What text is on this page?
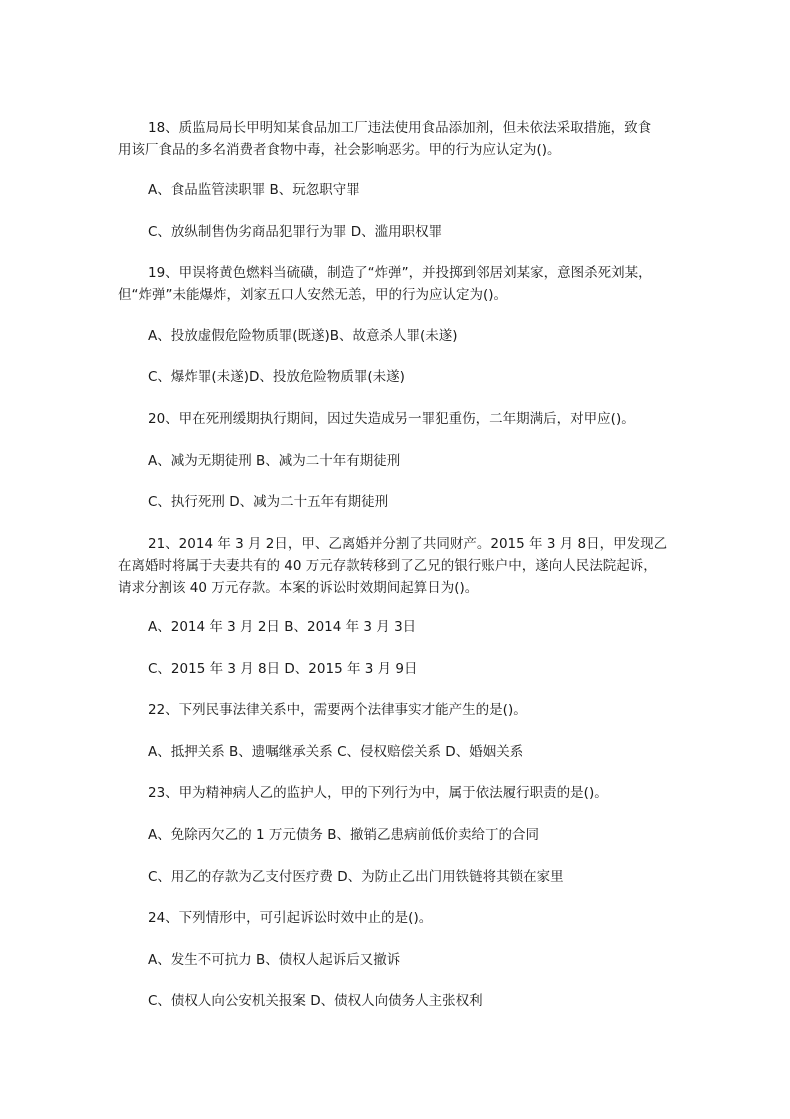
18、质监局局长甲明知某食品加工厂违法使用食品添加剂，但未依法采取措施，致食
用该厂食品的多名消费者食物中毒，社会影响恶劣。甲的行为应认定为()。
A、食品监管渎职罪 B、玩忽职守罪
C、放纵制售伪劣商品犯罪行为罪 D、滥用职权罪
19、甲误将黄色燃料当硫磺，制造了“炸弹”，并投掷到邻居刘某家，意图杀死刘某，
但“炸弹”未能爆炸，刘家五口人安然无恙，甲的行为应认定为()。
A、投放虚假危险物质罪(既遂)B、故意杀人罪(未遂)
C、爆炸罪(未遂)D、投放危险物质罪(未遂)
20、甲在死刑缓期执行期间，因过失造成另一罪犯重伤，二年期满后，对甲应()。
A、减为无期徒刑 B、减为二十年有期徒刑
C、执行死刑 D、减为二十五年有期徒刑
21、2014 年 3 月 2日，甲、乙离婚并分割了共同财产。2015 年 3 月 8日，甲发现乙
在离婚时将属于夫妻共有的 40 万元存款转移到了乙兄的银行账户中，遂向人民法院起诉，
请求分割该 40 万元存款。本案的诉讼时效期间起算日为()。
A、2014 年 3 月 2日 B、2014 年 3 月 3日
C、2015 年 3 月 8日 D、2015 年 3 月 9日
22、下列民事法律关系中，需要两个法律事实才能产生的是()。
A、抵押关系 B、遗嘱继承关系 C、侵权赔偿关系 D、婚姻关系
23、甲为精神病人乙的监护人，甲的下列行为中，属于依法履行职责的是()。
A、免除丙欠乙的 1 万元债务 B、撤销乙患病前低价卖给丁的合同
C、用乙的存款为乙支付医疗费 D、为防止乙出门用铁链将其锁在家里
24、下列情形中，可引起诉讼时效中止的是()。
A、发生不可抗力 B、债权人起诉后又撤诉
C、债权人向公安机关报案 D、债权人向债务人主张权利
